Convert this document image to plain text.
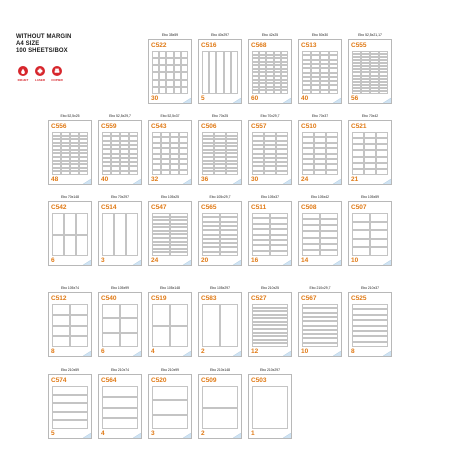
WITHOUT MARGIN
A4 SIZE
100 SHEETS/BOX
INKJET	LASER	COPIER
Ebo 35x59
C522
30
Ebo 40x297
C516
5
Ebo 42x25
C568
60
Ebo 50x30
C513
40
Ebo 52,5x21,17
C555
56
Ebo 52,5x25
C556
48
Ebo 52,5x29,7
C559
40
Ebo 52,5x37
C543
32
Ebo 70x25
C506
36
Ebo 70x29,7
C557
30
Ebo 70x37
C510
24
Ebo 70x42
C521
21
Ebo 70x148
C542
6
Ebo 70x297
C514
3
Ebo 105x25
C547
24
Ebo 105x29,7
C565
20
Ebo 105x37
C511
16
Ebo 105x42
C508
14
Ebo 105x59
C507
10
Ebo 105x74
C512
8
Ebo 105x99
C540
6
Ebo 105x148
C519
4
Ebo 105x297
C583
2
Ebo 210x25
C527
12
Ebo 210x29,7
C567
10
Ebo 210x37
C525
8
Ebo 210x59
C574
5
Ebo 210x74
C564
4
Ebo 210x99
C520
3
Ebo 210x148
C509
2
Ebo 210x297
C503
1
